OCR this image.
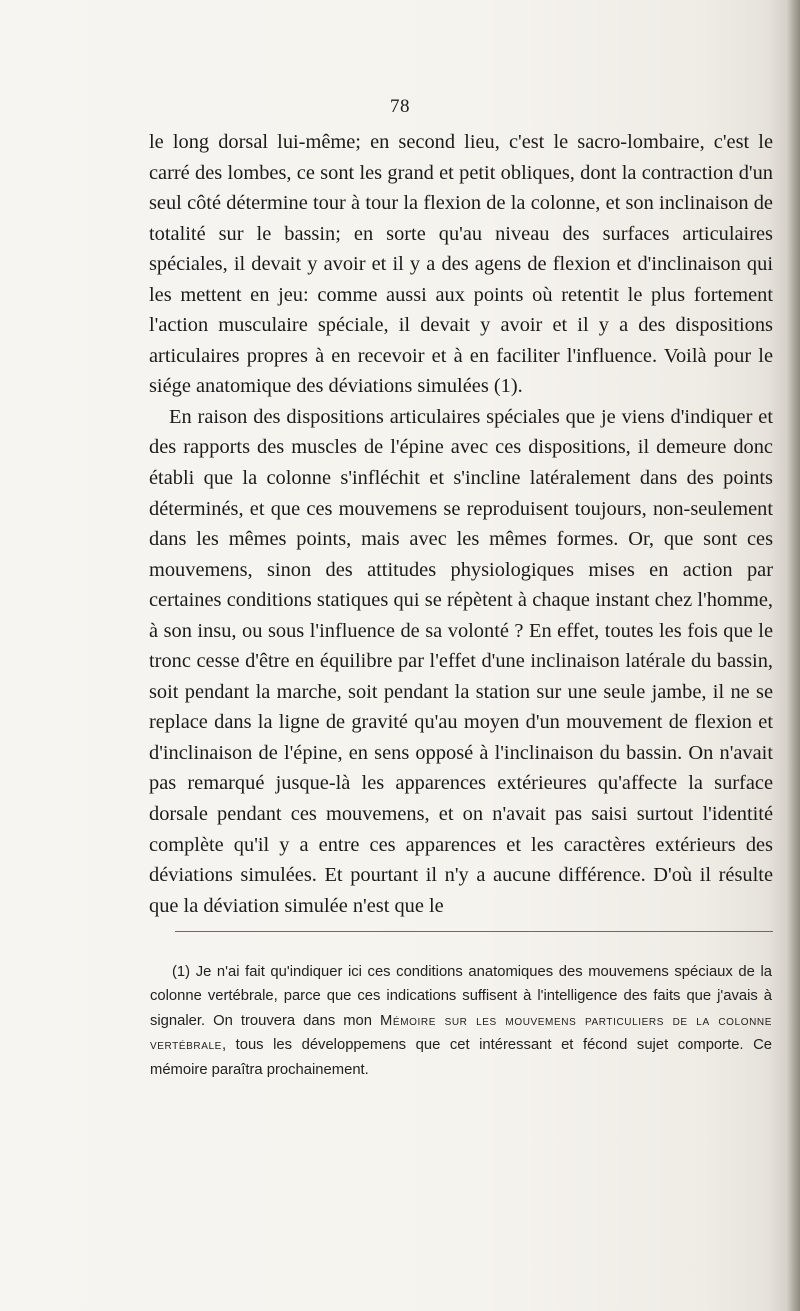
78

le long dorsal lui-même; en second lieu, c'est le sacro-lombaire, c'est le carré des lombes, ce sont les grand et petit obliques, dont la contraction d'un seul côté détermine tour à tour la flexion de la colonne, et son inclinaison de totalité sur le bassin; en sorte qu'au niveau des surfaces articulaires spéciales, il devait y avoir et il y a des agens de flexion et d'inclinaison qui les mettent en jeu: comme aussi aux points où retentit le plus fortement l'action musculaire spéciale, il devait y avoir et il y a des dispositions articulaires propres à en recevoir et à en faciliter l'influence. Voilà pour le siége anatomique des déviations simulées (1).

En raison des dispositions articulaires spéciales que je viens d'indiquer et des rapports des muscles de l'épine avec ces dispositions, il demeure donc établi que la colonne s'infléchit et s'incline latéralement dans des points déterminés, et que ces mouvemens se reproduisent toujours, non-seulement dans les mêmes points, mais avec les mêmes formes. Or, que sont ces mouvemens, sinon des attitudes physiologiques mises en action par certaines conditions statiques qui se répètent à chaque instant chez l'homme, à son insu, ou sous l'influence de sa volonté ? En effet, toutes les fois que le tronc cesse d'être en équilibre par l'effet d'une inclinaison latérale du bassin, soit pendant la marche, soit pendant la station sur une seule jambe, il ne se replace dans la ligne de gravité qu'au moyen d'un mouvement de flexion et d'inclinaison de l'épine, en sens opposé à l'inclinaison du bassin. On n'avait pas remarqué jusque-là les apparences extérieures qu'affecte la surface dorsale pendant ces mouvemens, et on n'avait pas saisi surtout l'identité complète qu'il y a entre ces apparences et les caractères extérieurs des déviations simulées. Et pourtant il n'y a aucune différence. D'où il résulte que la déviation simulée n'est que le

(1) Je n'ai fait qu'indiquer ici ces conditions anatomiques des mouvemens spéciaux de la colonne vertébrale, parce que ces indications suffisent à l'intelligence des faits que j'avais à signaler. On trouvera dans mon Mémoire sur les mouvemens particuliers de la colonne vertébrale, tous les développemens que cet intéressant et fécond sujet comporte. Ce mémoire paraîtra prochainement.
